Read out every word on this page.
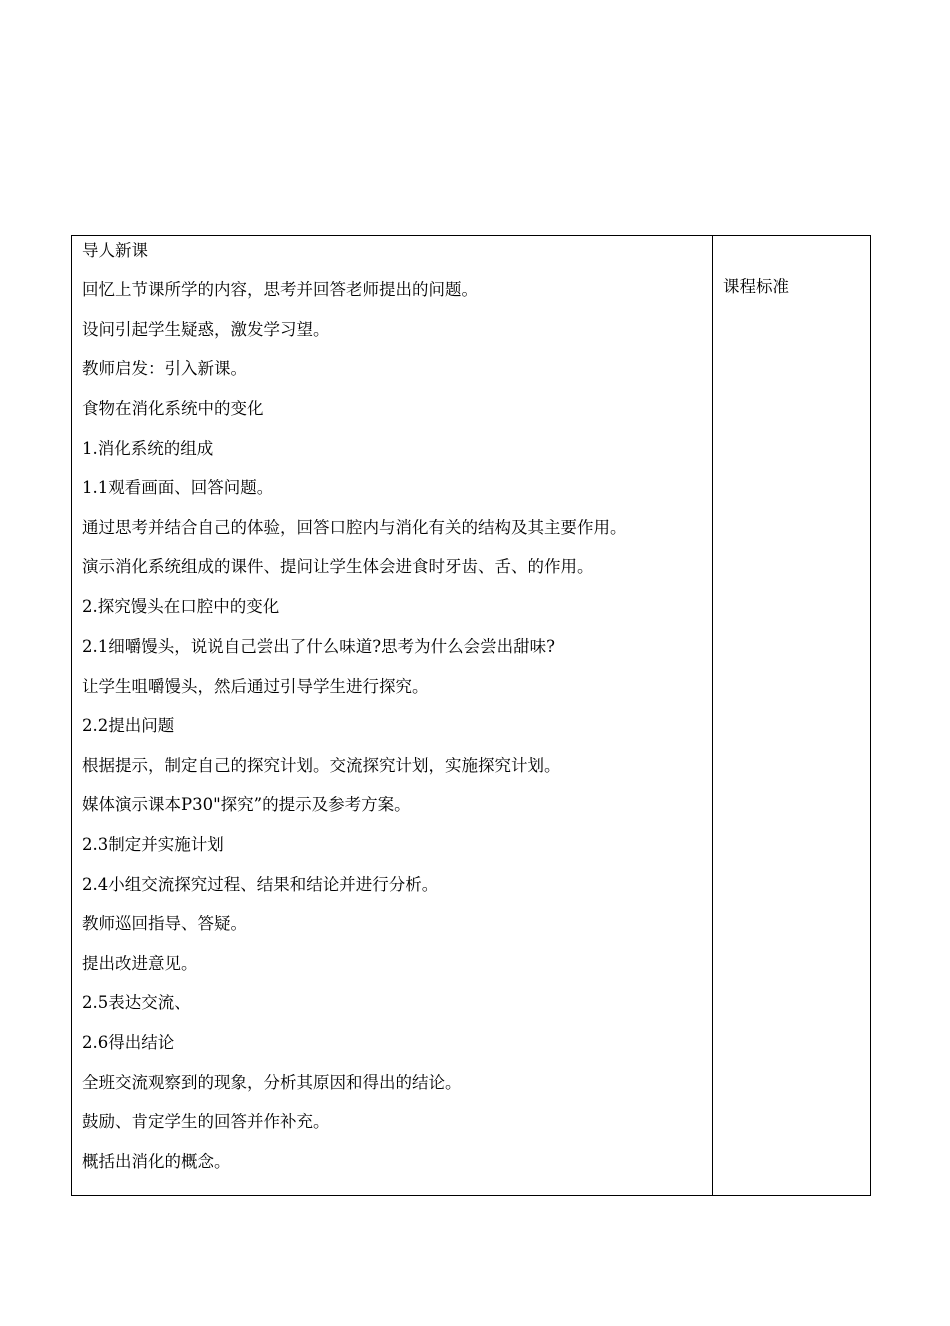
导人新课
回忆上节课所学的内容，思考并回答老师提出的问题。
设问引起学生疑惑，激发学习望。
教师启发：引入新课。
食物在消化系统中的变化
1.消化系统的组成
1.1观看画面、回答问题。
通过思考并结合自己的体验，回答口腔内与消化有关的结构及其主要作用。
演示消化系统组成的课件、提问让学生体会进食时牙齿、舌、的作用。
2.探究馒头在口腔中的变化
2.1细嚼馒头，说说自己尝出了什么味道?思考为什么会尝出甜味?
让学生咀嚼馒头，然后通过引导学生进行探究。
2.2提出问题
根据提示，制定自己的探究计划。交流探究计划，实施探究计划。
媒体演示课本P30"探究”的提示及参考方案。
2.3制定并实施计划
2.4小组交流探究过程、结果和结论并进行分析。
教师巡回指导、答疑。
提出改进意见。
2.5表达交流、
2.6得出结论
全班交流观察到的现象，分析其原因和得出的结论。
鼓励、肯定学生的回答并作补充。
概括出消化的概念。
课程标准
